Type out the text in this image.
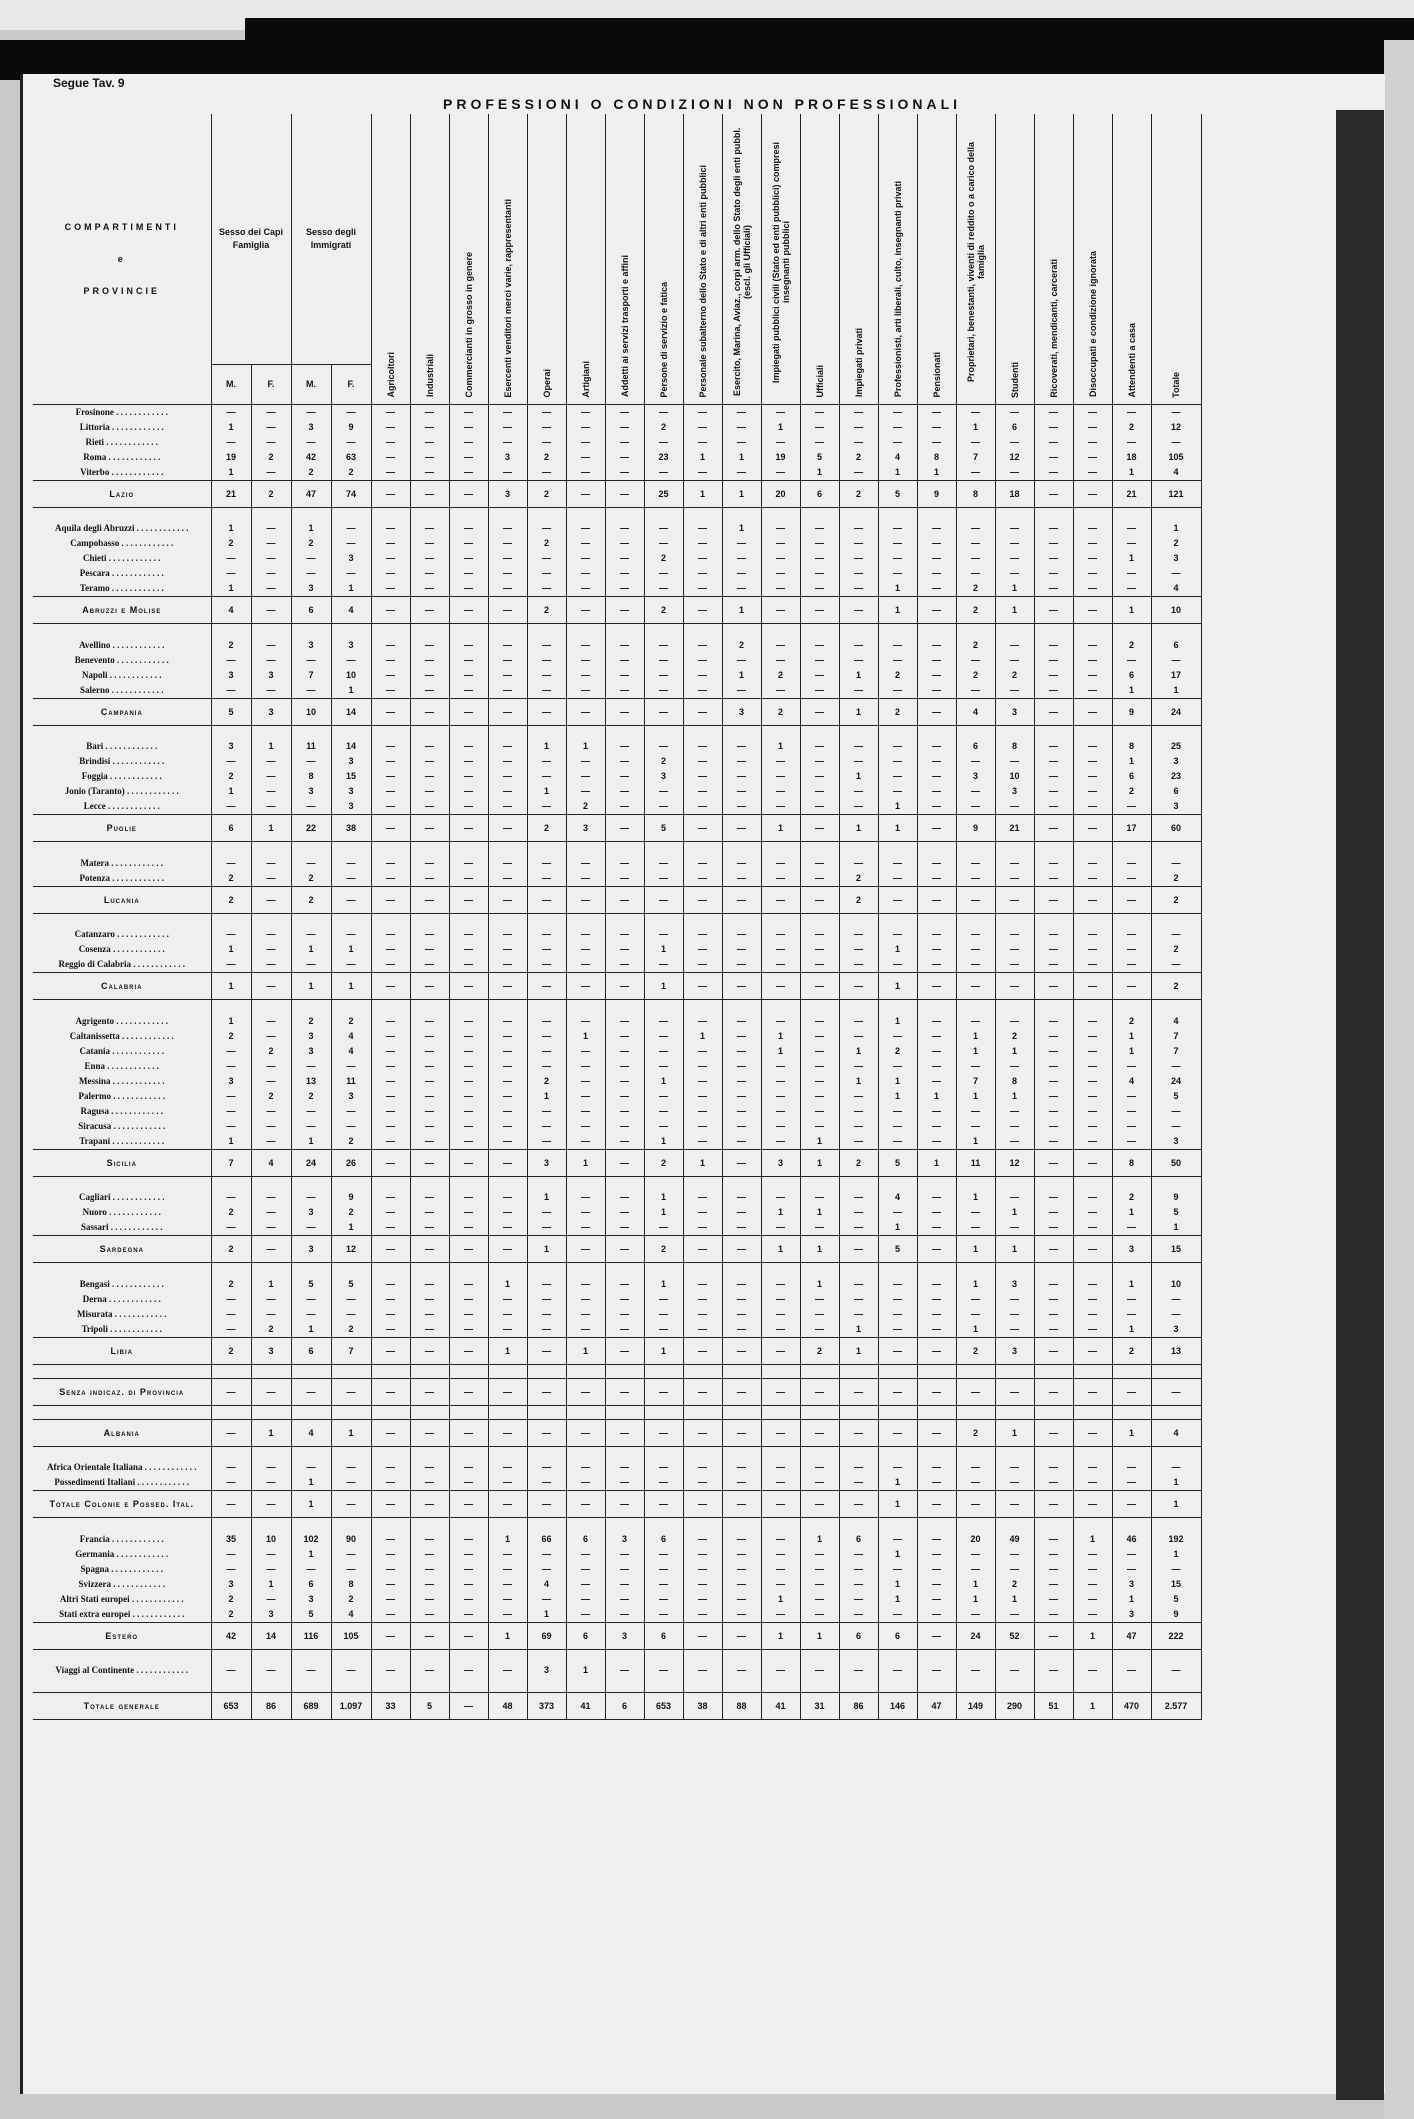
Segue Tav. 9
PROFESSIONI O CONDIZIONI NON PROFESSIONALI
COMPARTIMENTI
e
PROVINCIE	Sesso dei Capi Famiglia		Sesso degli Immigrati		Agricoltori	Industriali	Commercianti in grosso in genere	Esercenti venditori merci varie, rappresentanti	Operai	Artigiani	Addetti ai servizi trasporti e affini	Persone di servizio e fatica	Personale subalterno dello Stato e di altri enti pubblici	Esercito, Marina, Aviaz., corpi arm. dello Stato degli enti pubbl. (escl. gli Ufficiali)	Impiegati pubblici civili (Stato ed enti pubblici) compresi insegnanti pubblici	Ufficiali	Impiegati privati	Professionisti, arti liberali, culto, insegnanti privati	Pensionati	Proprietari, benestanti, viventi di reddito o a carico della famiglia	Studenti	Ricoverati, mendicanti, carcerati	Disoccupati e condizione ignorata	Attendenti a casa	Totale
	M.	F.	M.	F.																					
Frosinone . . . . . . . . . . . .	—	—	—	—	—	—	—	—	—	—	—	—	—	—	—	—	—	—	—	—	—	—	—	—	—
Littoria . . . . . . . . . . . .	1	—	3	9	—	—	—	—	—	—	—	2	—	—	1	—	—	—	—	1	6	—	—	2	12
Rieti . . . . . . . . . . . .	—	—	—	—	—	—	—	—	—	—	—	—	—	—	—	—	—	—	—	—	—	—	—	—	—
Roma . . . . . . . . . . . .	19	2	42	63	—	—	—	3	2	—	—	23	1	1	19	5	2	4	8	7	12	—	—	18	105
Viterbo . . . . . . . . . . . .	1	—	2	2	—	—	—	—	—	—	—	—	—	—	—	1	—	1	1	—	—	—	—	1	4
Lazio	21	2	47	74	—	—	—	3	2	—	—	25	1	1	20	6	2	5	9	8	18	—	—	21	121

Aquila degli Abruzzi . . . . . . . . . . . .	1	—	1	—	—	—	—	—	—	—	—	—	—	1	—	—	—	—	—	—	—	—	—	—	1
Campobasso . . . . . . . . . . . .	2	—	2	—	—	—	—	—	2	—	—	—	—	—	—	—	—	—	—	—	—	—	—	—	2
Chieti . . . . . . . . . . . .	—	—	—	3	—	—	—	—	—	—	—	2	—	—	—	—	—	—	—	—	—	—	—	1	3
Pescara . . . . . . . . . . . .	—	—	—	—	—	—	—	—	—	—	—	—	—	—	—	—	—	—	—	—	—	—	—	—	—
Teramo . . . . . . . . . . . .	1	—	3	1	—	—	—	—	—	—	—	—	—	—	—	—	—	1	—	2	1	—	—	—	4
Abruzzi e Molise	4	—	6	4	—	—	—	—	2	—	—	2	—	1	—	—	—	1	—	2	1	—	—	1	10

Avellino . . . . . . . . . . . .	2	—	3	3	—	—	—	—	—	—	—	—	—	2	—	—	—	—	—	2	—	—	—	2	6
Benevento . . . . . . . . . . . .	—	—	—	—	—	—	—	—	—	—	—	—	—	—	—	—	—	—	—	—	—	—	—	—	—
Napoli . . . . . . . . . . . .	3	3	7	10	—	—	—	—	—	—	—	—	—	1	2	—	1	2	—	2	2	—	—	6	17
Salerno . . . . . . . . . . . .	—	—	—	1	—	—	—	—	—	—	—	—	—	—	—	—	—	—	—	—	—	—	—	1	1
Campania	5	3	10	14	—	—	—	—	—	—	—	—	—	3	2	—	1	2	—	4	3	—	—	9	24

Bari . . . . . . . . . . . .	3	1	11	14	—	—	—	—	1	1	—	—	—	—	1	—	—	—	—	6	8	—	—	8	25
Brindisi . . . . . . . . . . . .	—	—	—	3	—	—	—	—	—	—	—	2	—	—	—	—	—	—	—	—	—	—	—	1	3
Foggia . . . . . . . . . . . .	2	—	8	15	—	—	—	—	—	—	—	3	—	—	—	—	1	—	—	3	10	—	—	6	23
Jonio (Taranto) . . . . . . . . . . . .	1	—	3	3	—	—	—	—	1	—	—	—	—	—	—	—	—	—	—	—	3	—	—	2	6
Lecce . . . . . . . . . . . .	—	—	—	3	—	—	—	—	—	2	—	—	—	—	—	—	—	1	—	—	—	—	—	—	3
Puglie	6	1	22	38	—	—	—	—	2	3	—	5	—	—	1	—	1	1	—	9	21	—	—	17	60

Matera . . . . . . . . . . . .	—	—	—	—	—	—	—	—	—	—	—	—	—	—	—	—	—	—	—	—	—	—	—	—	—
Potenza . . . . . . . . . . . .	2	—	2	—	—	—	—	—	—	—	—	—	—	—	—	—	2	—	—	—	—	—	—	—	2
Lucania	2	—	2	—	—	—	—	—	—	—	—	—	—	—	—	—	2	—	—	—	—	—	—	—	2

Catanzaro . . . . . . . . . . . .	—	—	—	—	—	—	—	—	—	—	—	—	—	—	—	—	—	—	—	—	—	—	—	—	—
Cosenza . . . . . . . . . . . .	1	—	1	1	—	—	—	—	—	—	—	1	—	—	—	—	—	1	—	—	—	—	—	—	2
Reggio di Calabria . . . . . . . . . . . .	—	—	—	—	—	—	—	—	—	—	—	—	—	—	—	—	—	—	—	—	—	—	—	—	—
Calabria	1	—	1	1	—	—	—	—	—	—	—	1	—	—	—	—	—	1	—	—	—	—	—	—	2

Agrigento . . . . . . . . . . . .	1	—	2	2	—	—	—	—	—	—	—	—	—	—	—	—	—	1	—	—	—	—	—	2	4
Caltanissetta . . . . . . . . . . . .	2	—	3	4	—	—	—	—	—	1	—	—	1	—	1	—	—	—	—	1	2	—	—	1	7
Catania . . . . . . . . . . . .	—	2	3	4	—	—	—	—	—	—	—	—	—	—	1	—	1	2	—	1	1	—	—	1	7
Enna . . . . . . . . . . . .	—	—	—	—	—	—	—	—	—	—	—	—	—	—	—	—	—	—	—	—	—	—	—	—	—
Messina . . . . . . . . . . . .	3	—	13	11	—	—	—	—	2	—	—	1	—	—	—	—	1	1	—	7	8	—	—	4	24
Palermo . . . . . . . . . . . .	—	2	2	3	—	—	—	—	1	—	—	—	—	—	—	—	—	1	1	1	1	—	—	—	5
Ragusa . . . . . . . . . . . .	—	—	—	—	—	—	—	—	—	—	—	—	—	—	—	—	—	—	—	—	—	—	—	—	—
Siracusa . . . . . . . . . . . .	—	—	—	—	—	—	—	—	—	—	—	—	—	—	—	—	—	—	—	—	—	—	—	—	—
Trapani . . . . . . . . . . . .	1	—	1	2	—	—	—	—	—	—	—	1	—	—	—	1	—	—	—	1	—	—	—	—	3
Sicilia	7	4	24	26	—	—	—	—	3	1	—	2	1	—	3	1	2	5	1	11	12	—	—	8	50

Cagliari . . . . . . . . . . . .	—	—	—	9	—	—	—	—	1	—	—	1	—	—	—	—	—	4	—	1	—	—	—	2	9
Nuoro . . . . . . . . . . . .	2	—	3	2	—	—	—	—	—	—	—	1	—	—	1	1	—	—	—	—	1	—	—	1	5
Sassari . . . . . . . . . . . .	—	—	—	1	—	—	—	—	—	—	—	—	—	—	—	—	—	1	—	—	—	—	—	—	1
Sardegna	2	—	3	12	—	—	—	—	1	—	—	2	—	—	1	1	—	5	—	1	1	—	—	3	15

Bengasi . . . . . . . . . . . .	2	1	5	5	—	—	—	1	—	—	—	1	—	—	—	1	—	—	—	1	3	—	—	1	10
Derna . . . . . . . . . . . .	—	—	—	—	—	—	—	—	—	—	—	—	—	—	—	—	—	—	—	—	—	—	—	—	—
Misurata . . . . . . . . . . . .	—	—	—	—	—	—	—	—	—	—	—	—	—	—	—	—	—	—	—	—	—	—	—	—	—
Tripoli . . . . . . . . . . . .	—	2	1	2	—	—	—	—	—	—	—	—	—	—	—	—	1	—	—	1	—	—	—	1	3
Libia	2	3	6	7	—	—	—	1	—	1	—	1	—	—	—	2	1	—	—	2	3	—	—	2	13

Senza indicaz. di Provincia	—	—	—	—	—	—	—	—	—	—	—	—	—	—	—	—	—	—	—	—	—	—	—	—	—

Albania	—	1	4	1	—	—	—	—	—	—	—	—	—	—	—	—	—	—	—	2	1	—	—	1	4

Africa Orientale Italiana . . . . . . . . . . . .	—	—	—	—	—	—	—	—	—	—	—	—	—	—	—	—	—	—	—	—	—	—	—	—	—
Possedimenti Italiani . . . . . . . . . . . .	—	—	1	—	—	—	—	—	—	—	—	—	—	—	—	—	—	1	—	—	—	—	—	—	1
Totale Colonie e Possed. Ital.	—	—	1	—	—	—	—	—	—	—	—	—	—	—	—	—	—	1	—	—	—	—	—	—	1

Francia . . . . . . . . . . . .	35	10	102	90	—	—	—	1	66	6	3	6	—	—	—	1	6	—	—	20	49	—	1	46	192
Germania . . . . . . . . . . . .	—	—	1	—	—	—	—	—	—	—	—	—	—	—	—	—	—	1	—	—	—	—	—	—	1
Spagna . . . . . . . . . . . .	—	—	—	—	—	—	—	—	—	—	—	—	—	—	—	—	—	—	—	—	—	—	—	—	—
Svizzera . . . . . . . . . . . .	3	1	6	8	—	—	—	—	4	—	—	—	—	—	—	—	—	1	—	1	2	—	—	3	15
Altri Stati europei . . . . . . . . . . . .	2	—	3	2	—	—	—	—	—	—	—	—	—	—	1	—	—	1	—	1	1	—	—	1	5
Stati extra europei . . . . . . . . . . . .	2	3	5	4	—	—	—	—	1	—	—	—	—	—	—	—	—	—	—	—	—	—	—	3	9
Estero	42	14	116	105	—	—	—	1	69	6	3	6	—	—	1	1	6	6	—	24	52	—	1	47	222

Viaggi al Continente . . . . . . . . . . . .	—	—	—	—	—	—	—	—	3	1	—	—	—	—	—	—	—	—	—	—	—	—	—	—	—

Totale generale	653	86	689	1.097	33	5	—	48	373	41	6	653	38	88	41	31	86	146	47	149	290	51	1	470	2.577
